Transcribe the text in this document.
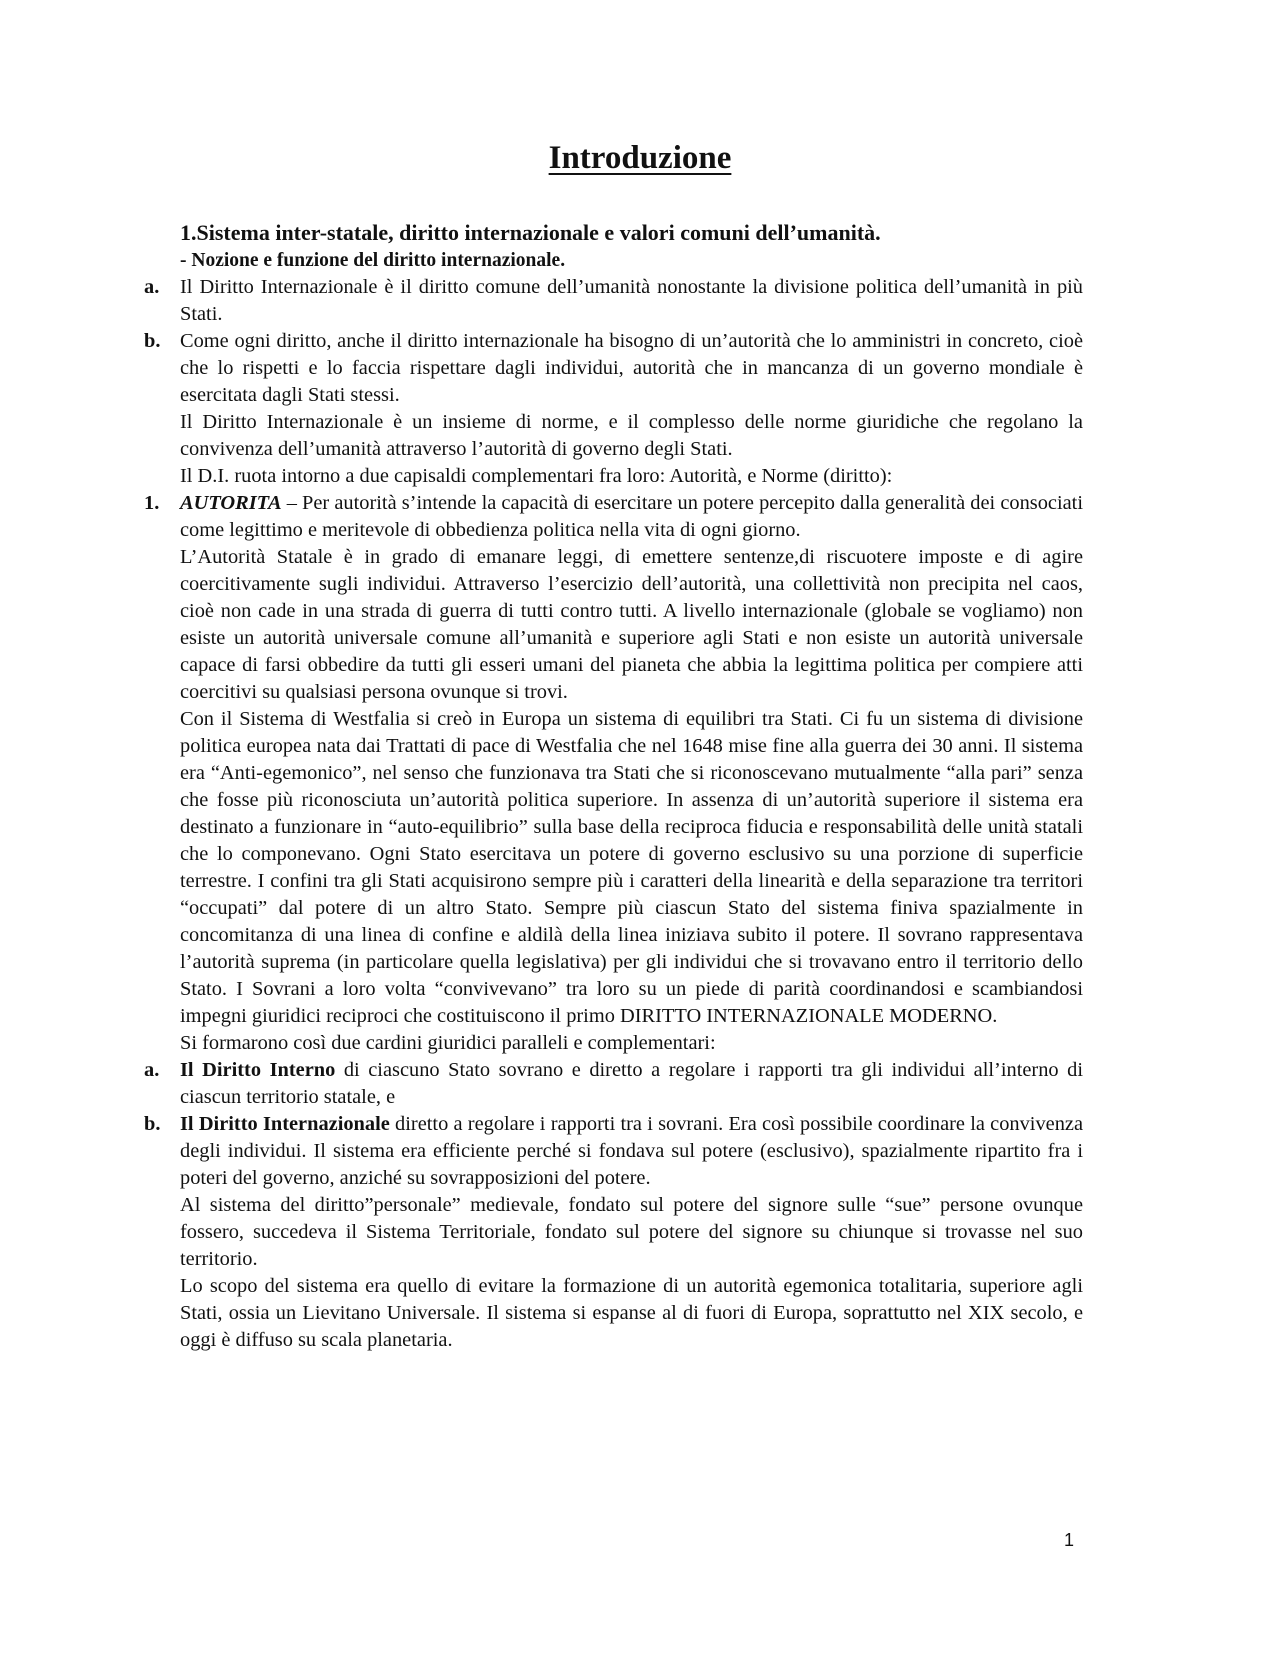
Introduzione
1.Sistema inter-statale, diritto internazionale e valori comuni dell’umanità.
- Nozione e funzione del diritto internazionale.
a. Il Diritto Internazionale è il diritto comune dell’umanità nonostante la divisione politica dell’umanità in più Stati.
b. Come ogni diritto, anche il diritto internazionale ha bisogno di un’autorità che lo amministri in concreto, cioè che lo rispetti e lo faccia rispettare dagli individui, autorità che in mancanza di un governo mondiale è esercitata dagli Stati stessi.
Il Diritto Internazionale è un insieme di norme, e il complesso delle norme giuridiche che regolano la convivenza dell’umanità attraverso l’autorità di governo degli Stati.
Il D.I. ruota intorno a due capisaldi complementari fra loro: Autorità, e Norme (diritto):
1. AUTORITA – Per autorità s’intende la capacità di esercitare un potere percepito dalla generalità dei consociati come legittimo e meritevole di obbedienza politica nella vita di ogni giorno.
L’Autorità Statale è in grado di emanare leggi, di emettere sentenze,di riscuotere imposte e di agire coercitivamente sugli individui. Attraverso l’esercizio dell’autorità, una collettività non precipita nel caos, cioè non cade in una strada di guerra di tutti contro tutti. A livello internazionale (globale se vogliamo) non esiste un autorità universale comune all’umanità e superiore agli Stati e non esiste un autorità universale capace di farsi obbedire da tutti gli esseri umani del pianeta che abbia la legittima politica per compiere atti coercitivi su qualsiasi persona ovunque si trovi.
Con il Sistema di Westfalia si creò in Europa un sistema di equilibri tra Stati. Ci fu un sistema di divisione politica europea nata dai Trattati di pace di Westfalia che nel 1648 mise fine alla guerra dei 30 anni. Il sistema era “Anti-egemonico”, nel senso che funzionava tra Stati che si riconoscevano mutualmente “alla pari” senza che fosse più riconosciuta un’autorità politica superiore. In assenza di un’autorità superiore il sistema era destinato a funzionare in “auto-equilibrio” sulla base della reciproca fiducia e responsabilità delle unità statali che lo componevano. Ogni Stato esercitava un potere di governo esclusivo su una porzione di superficie terrestre. I confini tra gli Stati acquisirono sempre più i caratteri della linearità e della separazione tra territori “occupati” dal potere di un altro Stato. Sempre più ciascun Stato del sistema finiva spazialmente in concomitanza di una linea di confine e aldilà della linea iniziava subito il potere. Il sovrano rappresentava l’autorità suprema (in particolare quella legislativa) per gli individui che si trovavano entro il territorio dello Stato. I Sovrani a loro volta “convivevano” tra loro su un piede di parità coordinandosi e scambiandosi impegni giuridici reciproci che costituiscono il primo DIRITTO INTERNAZIONALE MODERNO.
Si formarono così due cardini giuridici paralleli e complementari:
a. Il Diritto Interno di ciascuno Stato sovrano e diretto a regolare i rapporti tra gli individui all’interno di ciascun territorio statale, e
b. Il Diritto Internazionale diretto a regolare i rapporti tra i sovrani. Era così possibile coordinare la convivenza degli individui. Il sistema era efficiente perché si fondava sul potere (esclusivo), spazialmente ripartito fra i poteri del governo, anziché su sovrapposizioni del potere.
Al sistema del diritto”personale” medievale, fondato sul potere del signore sulle “sue” persone ovunque fossero, succedeva il Sistema Territoriale, fondato sul potere del signore su chiunque si trovasse nel suo territorio.
Lo scopo del sistema era quello di evitare la formazione di un autorità egemonica totalitaria, superiore agli Stati, ossia un Lievitano Universale. Il sistema si espanse al di fuori di Europa, soprattutto nel XIX secolo, e oggi è diffuso su scala planetaria.
1
